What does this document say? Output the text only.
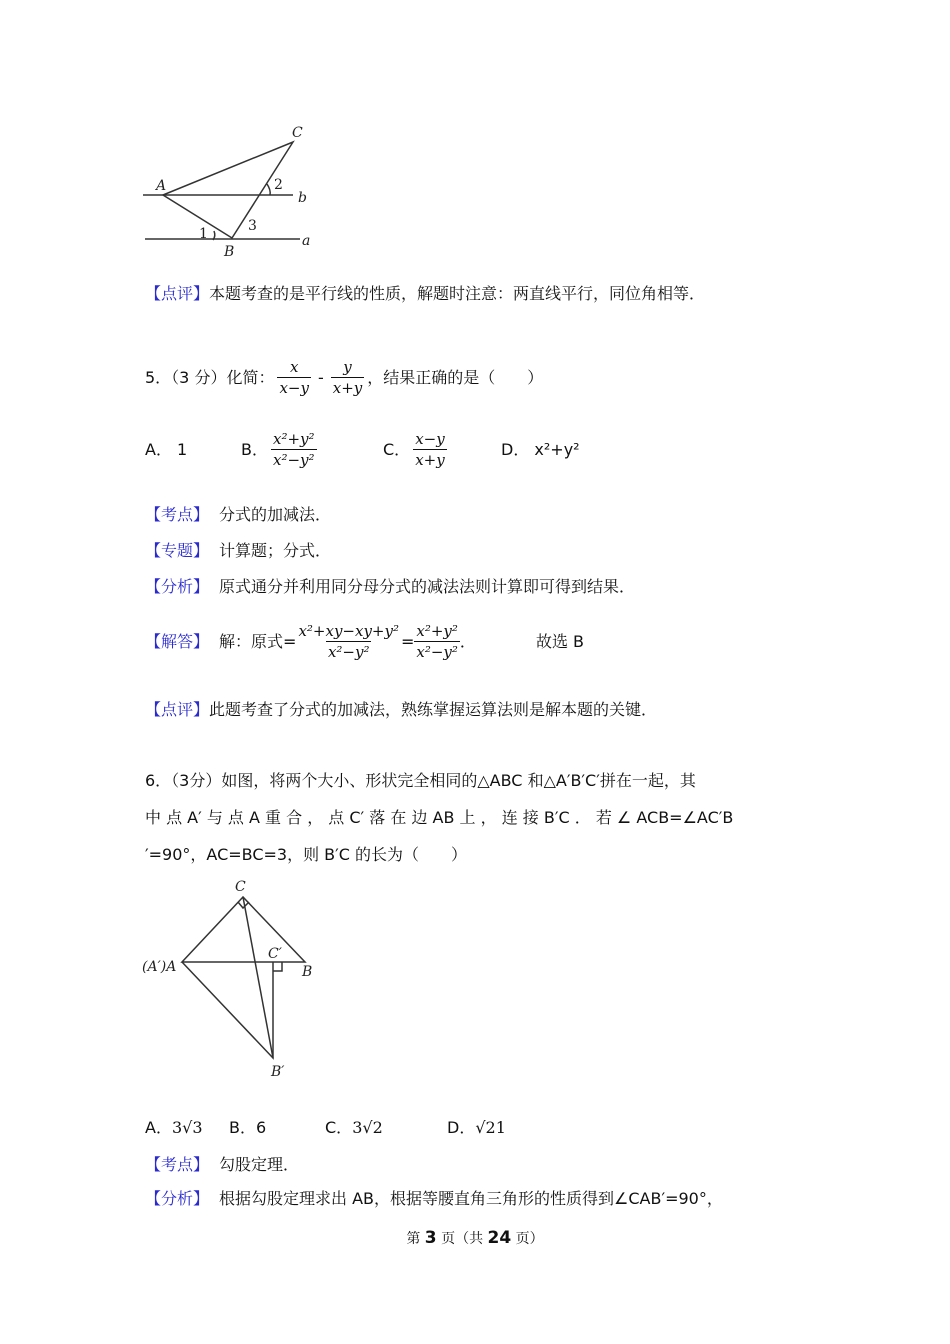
C
A
B
b
a
1
2
3
C
(A′)A
C′
B
B′
【点评】 本题考查的是平行线的性质，解题时注意：两直线平行，同位角相等．
5．（3 分）化简： $\frac{x}{x-y} - \frac{y}{x+y}$ ，结果正确的是（　　）
A． 1	B． $\frac{\text{x²+y²}}{\text{x²−y²}}$	C． $\frac{x-y}{x+y}$	D． x²+y²
【考点】 分式的加减法．
【专题】 计算题；分式．
【分析】 原式通分并利用同分母分式的减法法则计算即可得到结果．
【解答】 解：原式= $\frac{\text{x²+xy−xy+y²}}{\text{x²−y²}} = \frac{\text{x²+y²}}{\text{x²−y²}}$ ．	故选 B
【点评】 此题考查了分式的加减法，熟练掌握运算法则是解本题的关键．
6．（3分）如图，将两个大小、形状完全相同的△ABC 和△A′B′C′拼在一起，其
中 点 A′ 与 点 A 重 合 ， 点 C′ 落 在 边 AB 上 ， 连 接 B′C ． 若 ∠ ACB=∠AC′B
′=90°，AC=BC=3，则 B′C 的长为（　　）
A．3√3	B．6	C．3√2	D．√21
【考点】 勾股定理．
【分析】 根据勾股定理求出 AB，根据等腰直角三角形的性质得到∠CAB′=90°，
第 3 页（共 24 页）
